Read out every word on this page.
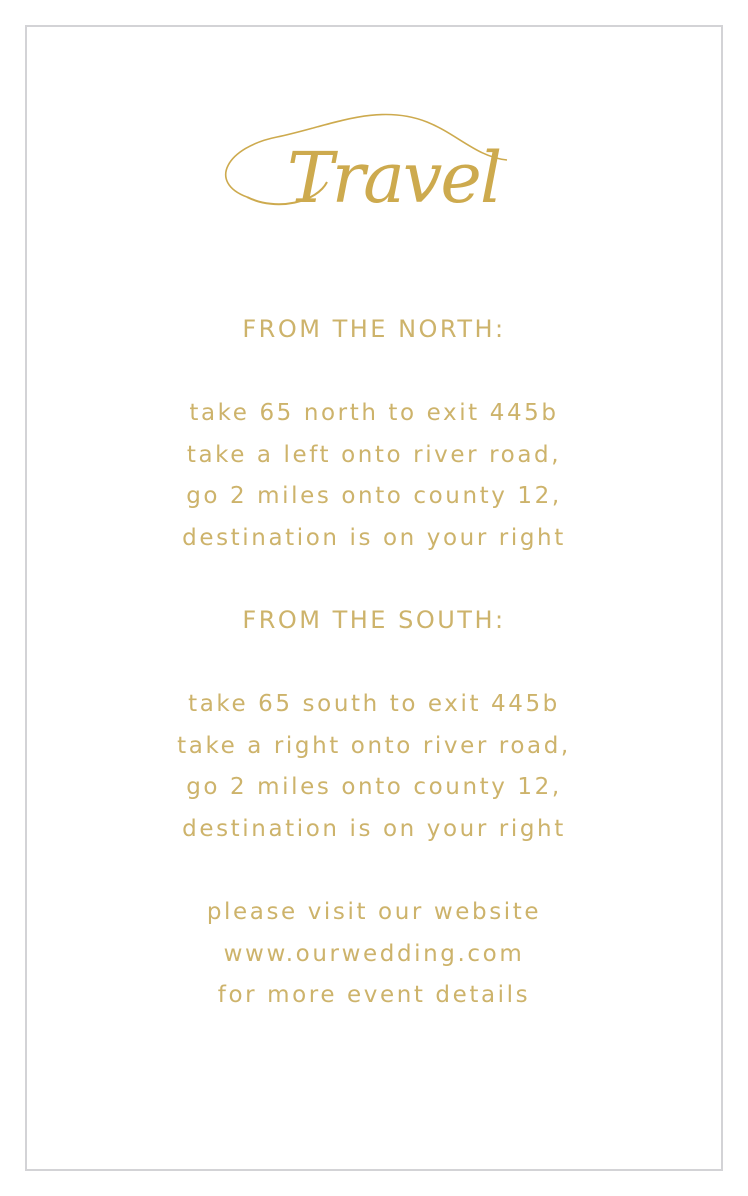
Travel
FROM THE NORTH:
take 65 north to exit 445b
take a left onto river road,
go 2 miles onto county 12,
destination is on your right
FROM THE SOUTH:
take 65 south to exit 445b
take a right onto river road,
go 2 miles onto county 12,
destination is on your right
please visit our website
www.ourwedding.com
for more event details
